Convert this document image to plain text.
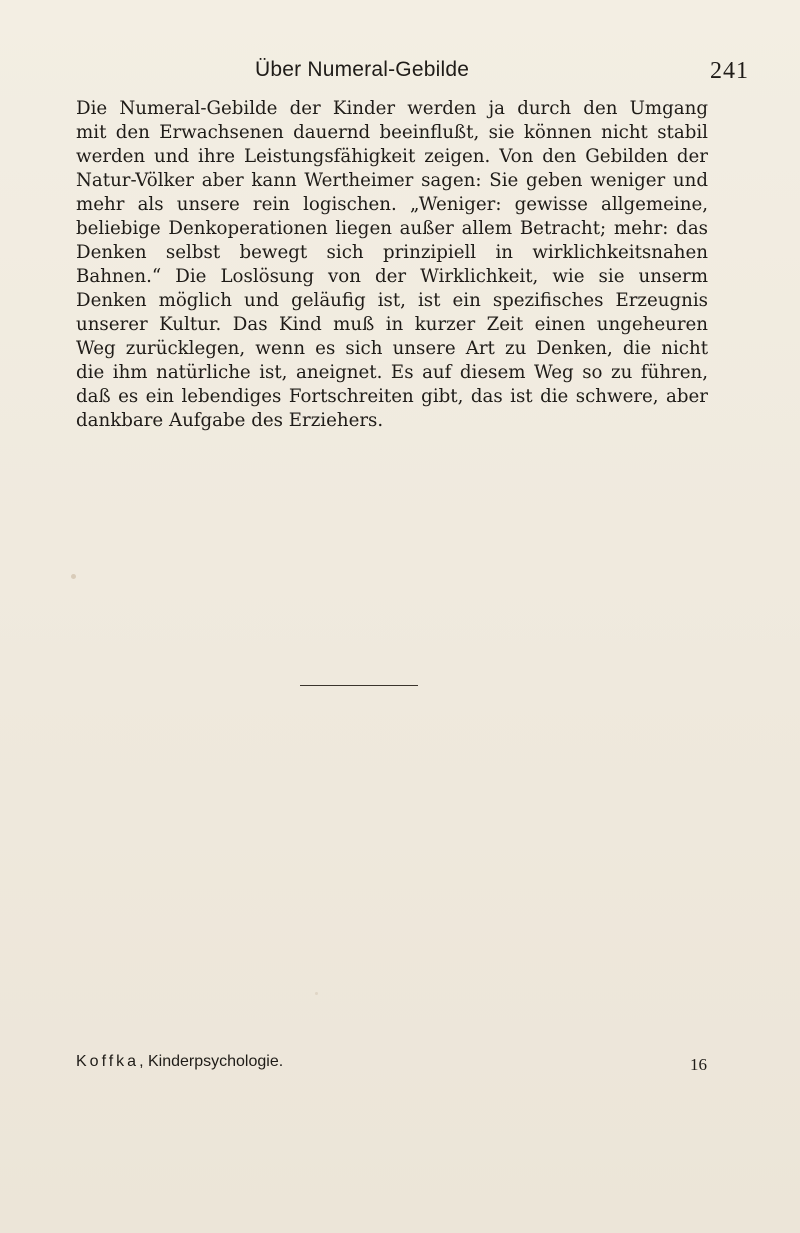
Über Numeral-Gebilde	241
Die Numeral-Gebilde der Kinder werden ja durch den Umgang
mit den Erwachsenen dauernd beeinflußt, sie können nicht stabil
werden und ihre Leistungsfähigkeit zeigen. Von den Gebilden der
Natur-Völker aber kann Wertheimer sagen: Sie geben weniger und
mehr als unsere rein logischen. „Weniger: gewisse allgemeine,
beliebige Denkoperationen liegen außer allem Betracht; mehr: das
Denken selbst bewegt sich prinzipiell in wirklichkeitsnahen
Bahnen.“ Die Loslösung von der Wirklichkeit, wie sie unserm
Denken möglich und geläufig ist, ist ein spezifisches Erzeugnis
unserer Kultur. Das Kind muß in kurzer Zeit einen ungeheuren
Weg zurücklegen, wenn es sich unsere Art zu Denken, die nicht
die ihm natürliche ist, aneignet. Es auf diesem Weg so zu führen,
daß es ein lebendiges Fortschreiten gibt, das ist die schwere, aber
dankbare Aufgabe des Erziehers.
Koffka, Kinderpsychologie.	16
